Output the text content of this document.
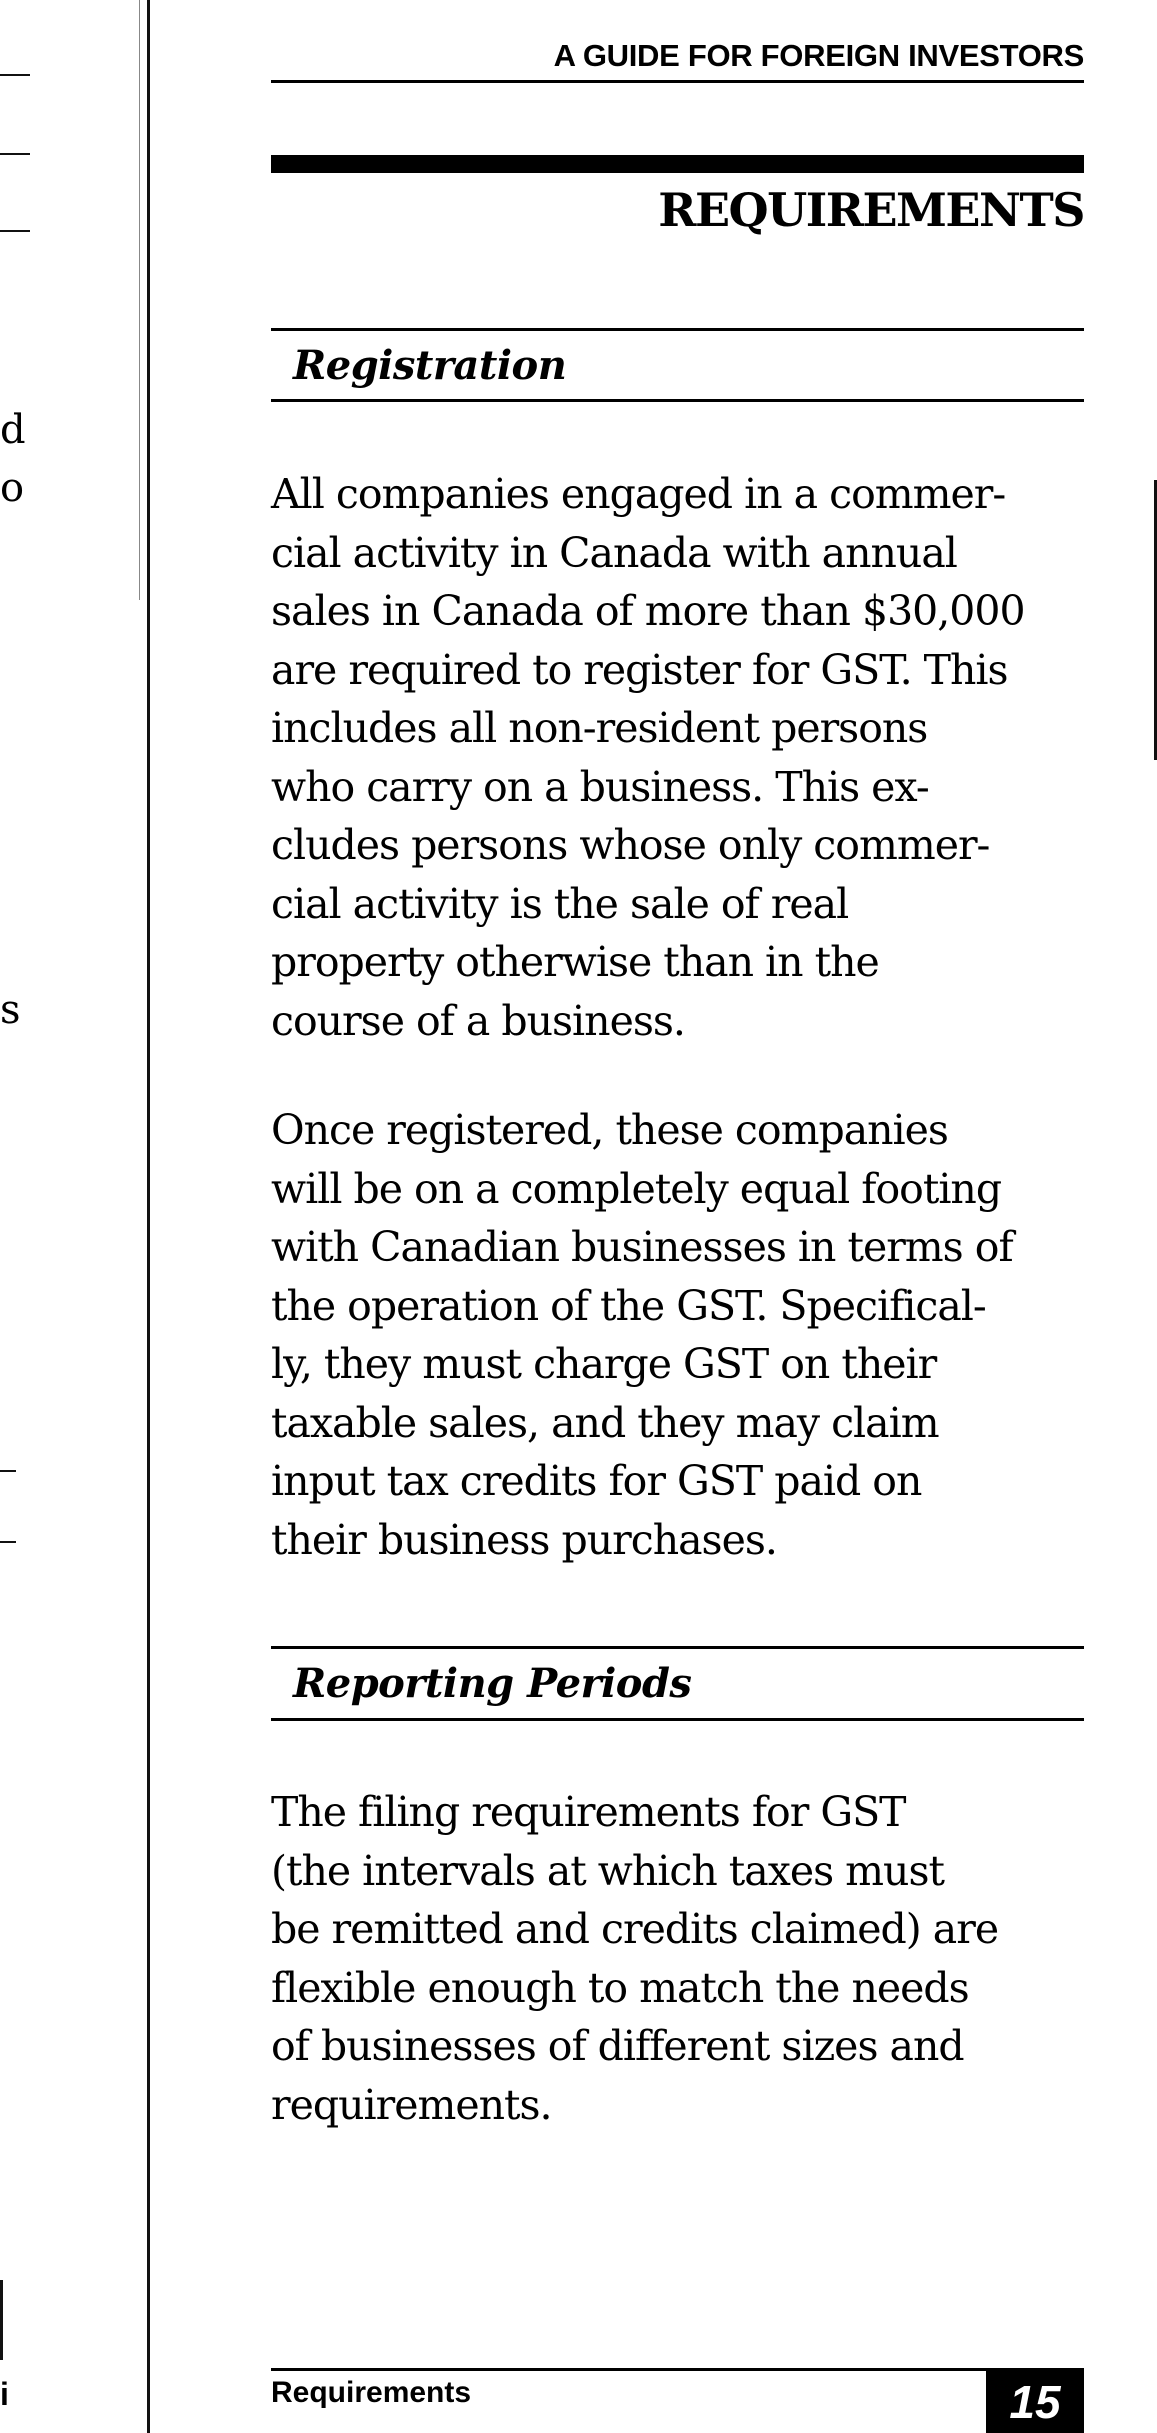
d
o
s
i
A GUIDE FOR FOREIGN INVESTORS
REQUIREMENTS
Registration

All companies engaged in a commer-
cial activity in Canada with annual
sales in Canada of more than $30,000
are required to register for GST. This
includes all non-resident persons
who carry on a business. This ex-
cludes persons whose only commer-
cial activity is the sale of real
property otherwise than in the
course of a business.

Once registered, these companies
will be on a completely equal footing
with Canadian businesses in terms of
the operation of the GST. Specifical-
ly, they must charge GST on their
taxable sales, and they may claim
input tax credits for GST paid on
their business purchases.

Reporting Periods

The filing requirements for GST
(the intervals at which taxes must
be remitted and credits claimed) are
flexible enough to match the needs
of businesses of different sizes and
requirements.

Requirements	15
